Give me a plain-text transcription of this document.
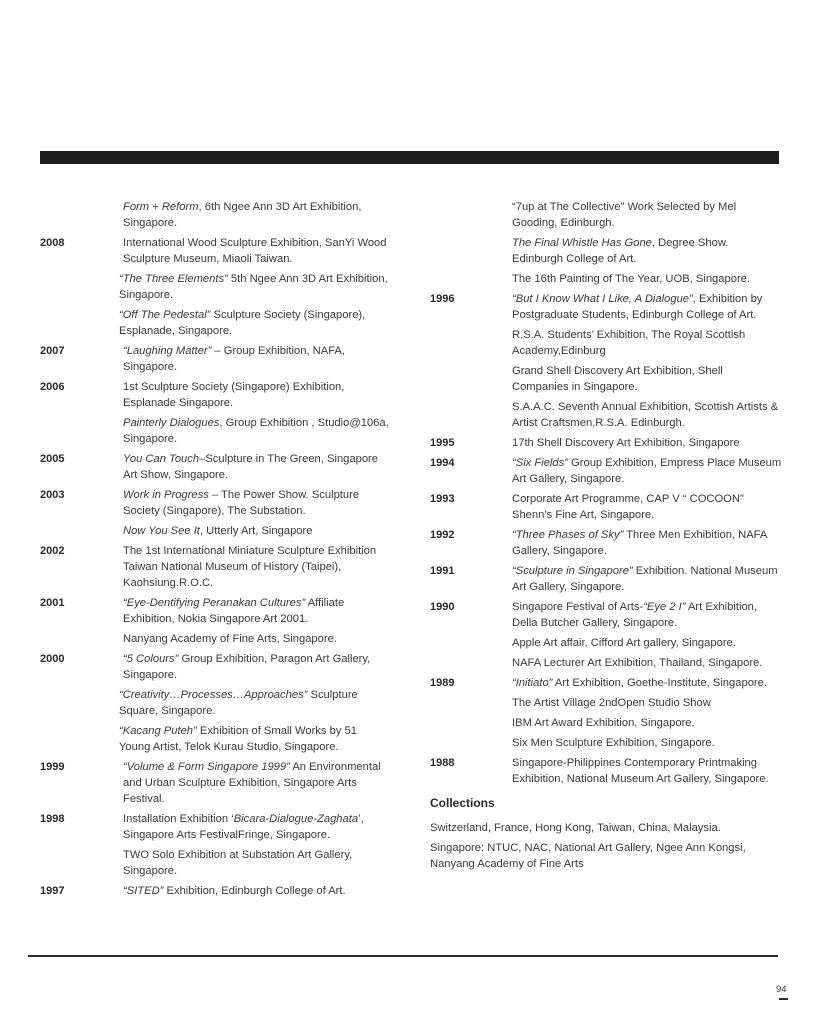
Form + Reform, 6th Ngee Ann 3D Art Exhibition, Singapore.
2008	International Wood Sculpture Exhibition, SanYi Wood Sculpture Museum, Miaoli Taiwan.
“The Three Elements” 5th Ngee Ann 3D Art Exhibition, Singapore.
“Off The Pedestal” Sculpture Society (Singapore), Esplanade, Singapore.
2007	“Laughing Matter” – Group Exhibition, NAFA, Singapore.
2006	1st Sculpture Society (Singapore) Exhibition, Esplanade Singapore.
Painterly Dialogues, Group Exhibition , Studio@106a, Singapore.
2005	You Can Touch–Sculpture in The Green, Singapore Art Show, Singapore.
2003	Work in Progress – The Power Show. Sculpture Society (Singapore), The Substation.
Now You See It, Utterly Art, Singapore
2002	The 1st International Miniature Sculpture Exhibition Taiwan National Museum of History (Taipei), Kaohsiung.R.O.C.
2001	“Eye-Dentifying Peranakan Cultures” Affiliate Exhibition, Nokia Singapore Art 2001.
Nanyang Academy of Fine Arts, Singapore.
2000	“5 Colours” Group Exhibition, Paragon Art Gallery, Singapore.
“Creativity…Processes…Approaches” Sculpture Square, Singapore.
“Kacang Puteh” Exhibition of Small Works by 51 Young Artist, Telok Kurau Studio, Singapore.
1999	“Volume & Form Singapore 1999” An Environmental and Urban Sculpture Exhibition, Singapore Arts Festival.
1998	Installation Exhibition ‘Bicara-Dialogue-Zaghata’, Singapore Arts FestivalFringe, Singapore.
TWO Solo Exhibition at Substation Art Gallery, Singapore.
1997	“SITED” Exhibition, Edinburgh College of Art.
“7up at The Collective” Work Selected by Mel Gooding, Edinburgh.
The Final Whistle Has Gone, Degree Show. Edinburgh College of Art.
The 16th Painting of The Year, UOB, Singapore.
1996	“But I Know What I Like, A Dialogue”, Exhibition by Postgraduate Students, Edinburgh College of Art.
R.S.A. Students’ Exhibition, The Royal Scottish Academy,Edinburg
Grand Shell Discovery Art Exhibition, Shell Companies in Singapore.
S.A.A.C. Seventh Annual Exhibition, Scottish Artists & Artist Craftsmen,R.S.A. Edinburgh.
1995	17th Shell Discovery Art Exhibition, Singapore
1994	“Six Fields” Group Exhibition, Empress Place Museum Art Gallery, Singapore.
1993	Corporate Art Programme, CAP V “ COCOON” Shenn’s Fine Art, Singapore.
1992	“Three Phases of Sky” Three Men Exhibition, NAFA Gallery, Singapore.
1991	“Sculpture in Singapore” Exhibition. National Museum Art Gallery, Singapore.
1990	Singapore Festival of Arts-“Eye 2 I” Art Exhibition, Della Butcher Gallery, Singapore.
Apple Art affair, Cifford Art gallery, Singapore.
NAFA Lecturer Art Exhibition, Thailand, Singapore.
1989	“Initiato” Art Exhibition, Goethe-Institute, Singapore.
The Artist Village 2ndOpen Studio Show
IBM Art Award Exhibition, Singapore.
Six Men Sculpture Exhibition, Singapore.
1988	Singapore-Philippines Contemporary Printmaking Exhibition, National Museum Art Gallery, Singapore.
Collections
Switzerland, France, Hong Kong, Taiwan, China, Malaysia.
Singapore: NTUC, NAC, National Art Gallery, Ngee Ann Kongsi, Nanyang Academy of Fine Arts
94
